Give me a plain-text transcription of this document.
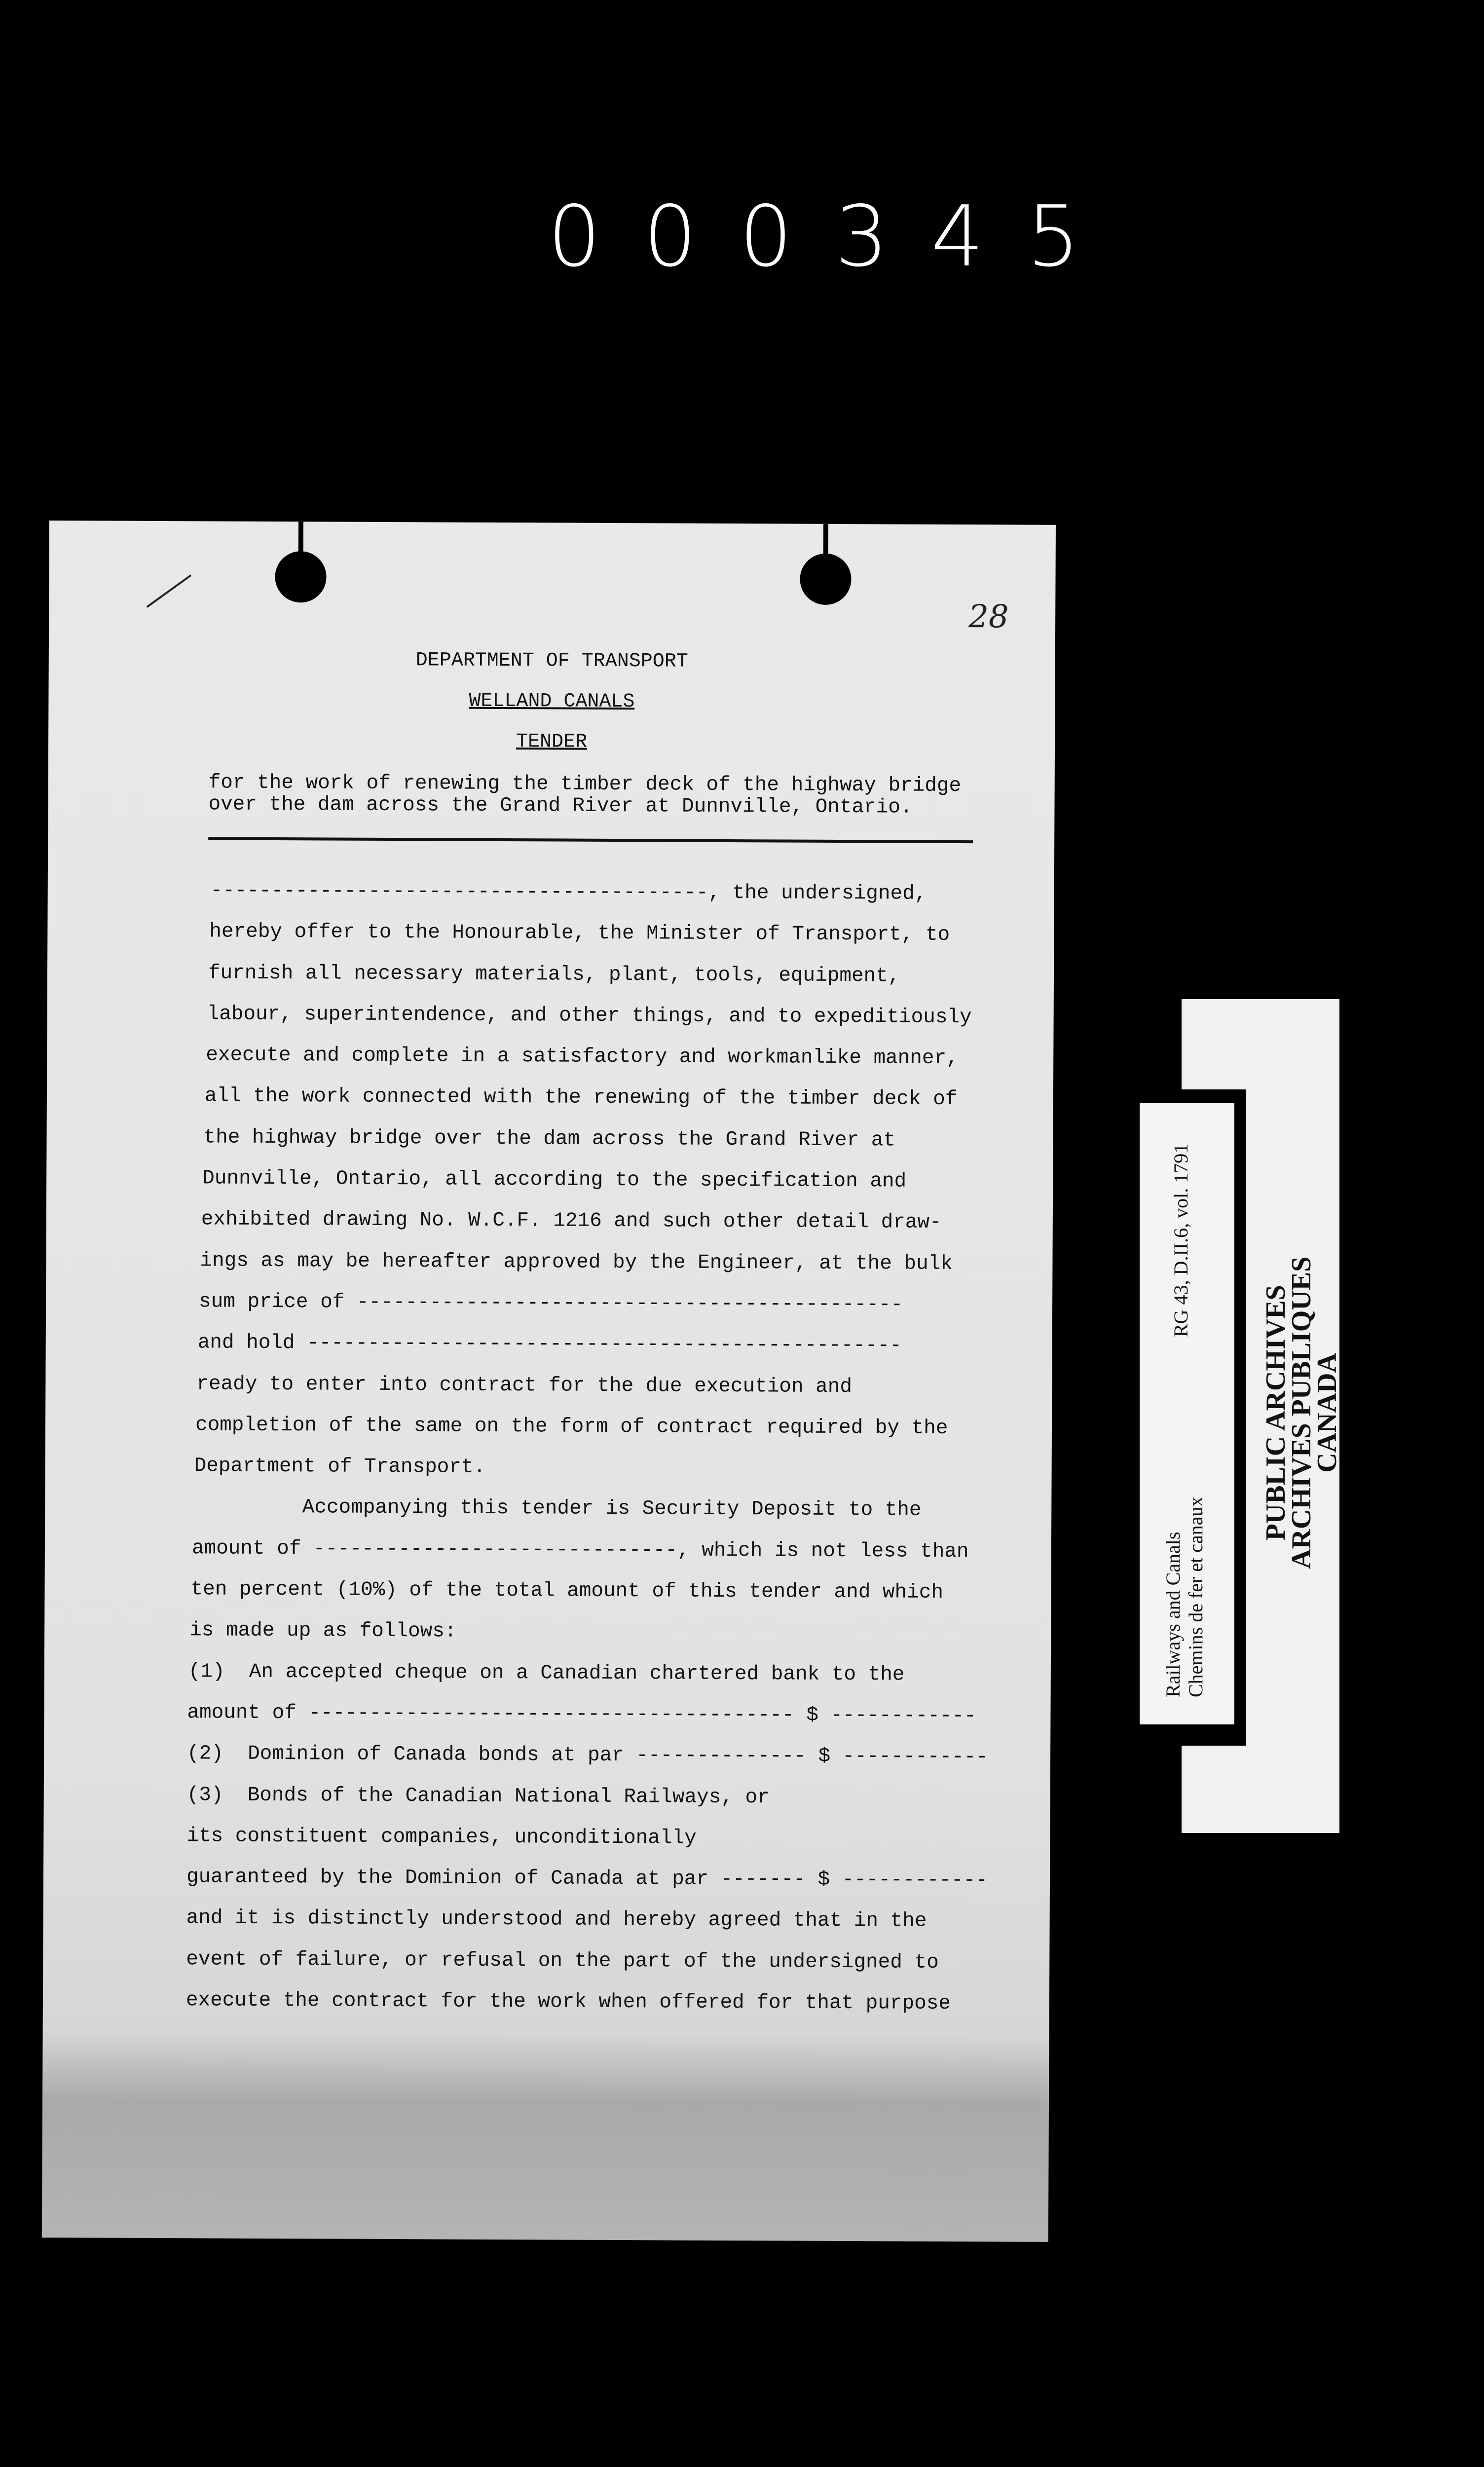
000345
28
DEPARTMENT OF TRANSPORT
WELLAND CANALS
TENDER
for the work of renewing the timber deck of the highway bridge
over the dam across the Grand River at Dunnville, Ontario.
-----------------------------------------, the undersigned,
hereby offer to the Honourable, the Minister of Transport, to
furnish all necessary materials, plant, tools, equipment,
labour, superintendence, and other things, and to expeditiously
execute and complete in a satisfactory and workmanlike manner,
all the work connected with the renewing of the timber deck of
the highway bridge over the dam across the Grand River at
Dunnville, Ontario, all according to the specification and
exhibited drawing No. W.C.F. 1216 and such other detail draw-
ings as may be hereafter approved by the Engineer, at the bulk
sum price of ---------------------------------------------
and hold -------------------------------------------------
ready to enter into contract for the due execution and
completion of the same on the form of contract required by the
Department of Transport.
Accompanying this tender is Security Deposit to the
amount of ------------------------------, which is not less than
ten percent (10%) of the total amount of this tender and which
is made up as follows:
(1)  An accepted cheque on a Canadian chartered bank to the
amount of ---------------------------------------- $ ------------
(2)  Dominion of Canada bonds at par -------------- $ ------------
(3)  Bonds of the Canadian National Railways, or
its constituent companies, unconditionally
guaranteed by the Dominion of Canada at par ------- $ ------------
and it is distinctly understood and hereby agreed that in the
event of failure, or refusal on the part of the undersigned to
execute the contract for the work when offered for that purpose
PUBLIC ARCHIVES
ARCHIVES PUBLIQUES
CANADA
Railways and Canals Chemins de fer et canaux
RG 43, D.II.6, vol. 1791
